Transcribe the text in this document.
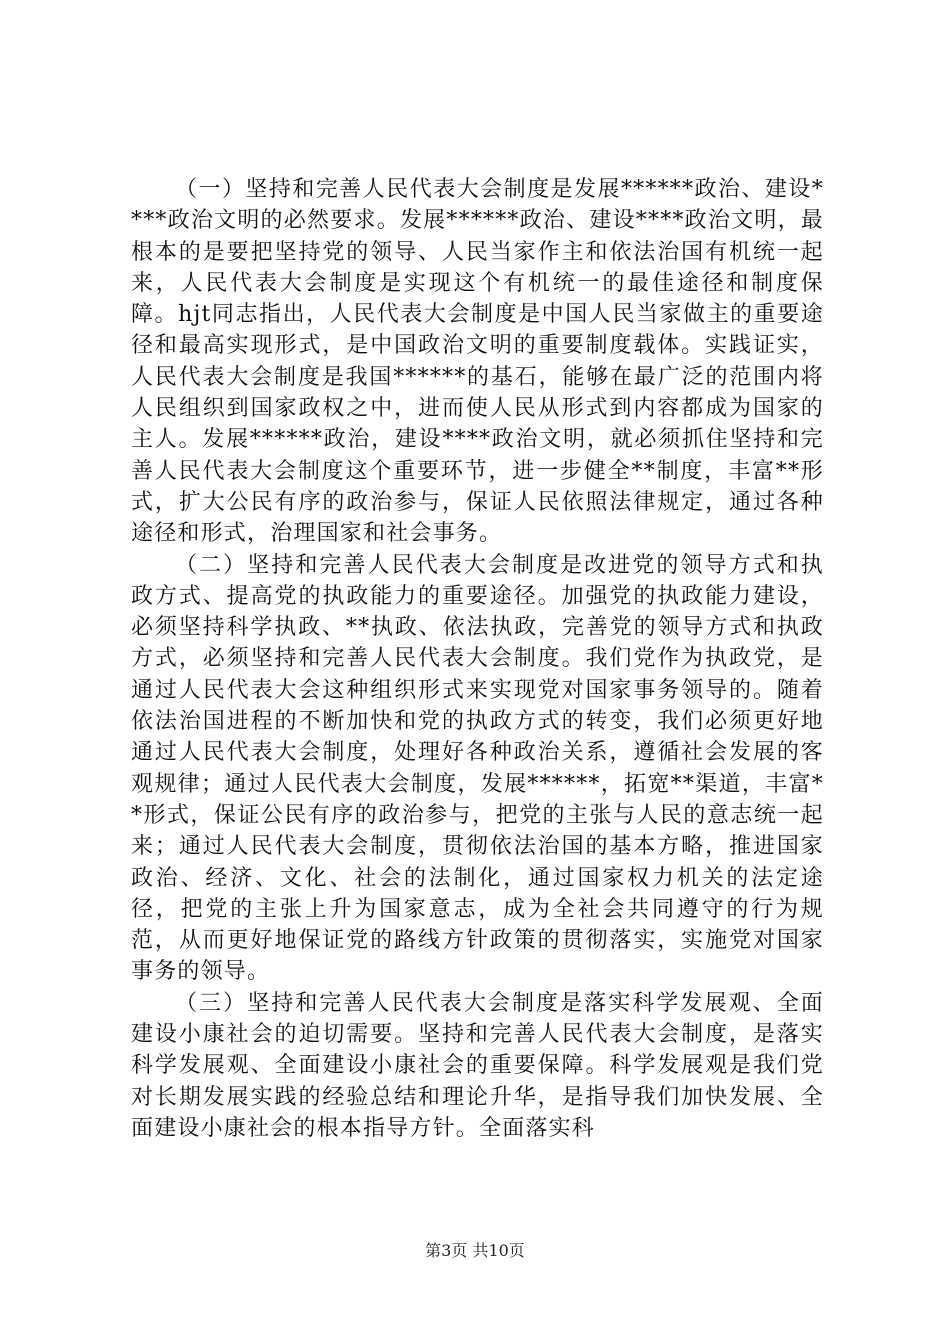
（一）坚持和完善人民代表大会制度是发展******政治、建设****政治文明的必然要求。发展******政治、建设****政治文明，最根本的是要把坚持党的领导、人民当家作主和依法治国有机统一起来，人民代表大会制度是实现这个有机统一的最佳途径和制度保障。hjt同志指出，人民代表大会制度是中国人民当家做主的重要途径和最高实现形式，是中国政治文明的重要制度载体。实践证实，人民代表大会制度是我国******的基石，能够在最广泛的范围内将人民组织到国家政权之中，进而使人民从形式到内容都成为国家的主人。发展******政治，建设****政治文明，就必须抓住坚持和完善人民代表大会制度这个重要环节，进一步健全**制度，丰富**形式，扩大公民有序的政治参与，保证人民依照法律规定，通过各种途径和形式，治理国家和社会事务。

（二）坚持和完善人民代表大会制度是改进党的领导方式和执政方式、提高党的执政能力的重要途径。加强党的执政能力建设，必须坚持科学执政、**执政、依法执政，完善党的领导方式和执政方式，必须坚持和完善人民代表大会制度。我们党作为执政党，是通过人民代表大会这种组织形式来实现党对国家事务领导的。随着依法治国进程的不断加快和党的执政方式的转变，我们必须更好地通过人民代表大会制度，处理好各种政治关系，遵循社会发展的客观规律；通过人民代表大会制度，发展******，拓宽**渠道，丰富**形式，保证公民有序的政治参与，把党的主张与人民的意志统一起来；通过人民代表大会制度，贯彻依法治国的基本方略，推进国家政治、经济、文化、社会的法制化，通过国家权力机关的法定途径，把党的主张上升为国家意志，成为全社会共同遵守的行为规范，从而更好地保证党的路线方针政策的贯彻落实，实施党对国家事务的领导。

（三）坚持和完善人民代表大会制度是落实科学发展观、全面建设小康社会的迫切需要。坚持和完善人民代表大会制度，是落实科学发展观、全面建设小康社会的重要保障。科学发展观是我们党对长期发展实践的经验总结和理论升华，是指导我们加快发展、全面建设小康社会的根本指导方针。全面落实科

第3页 共10页
